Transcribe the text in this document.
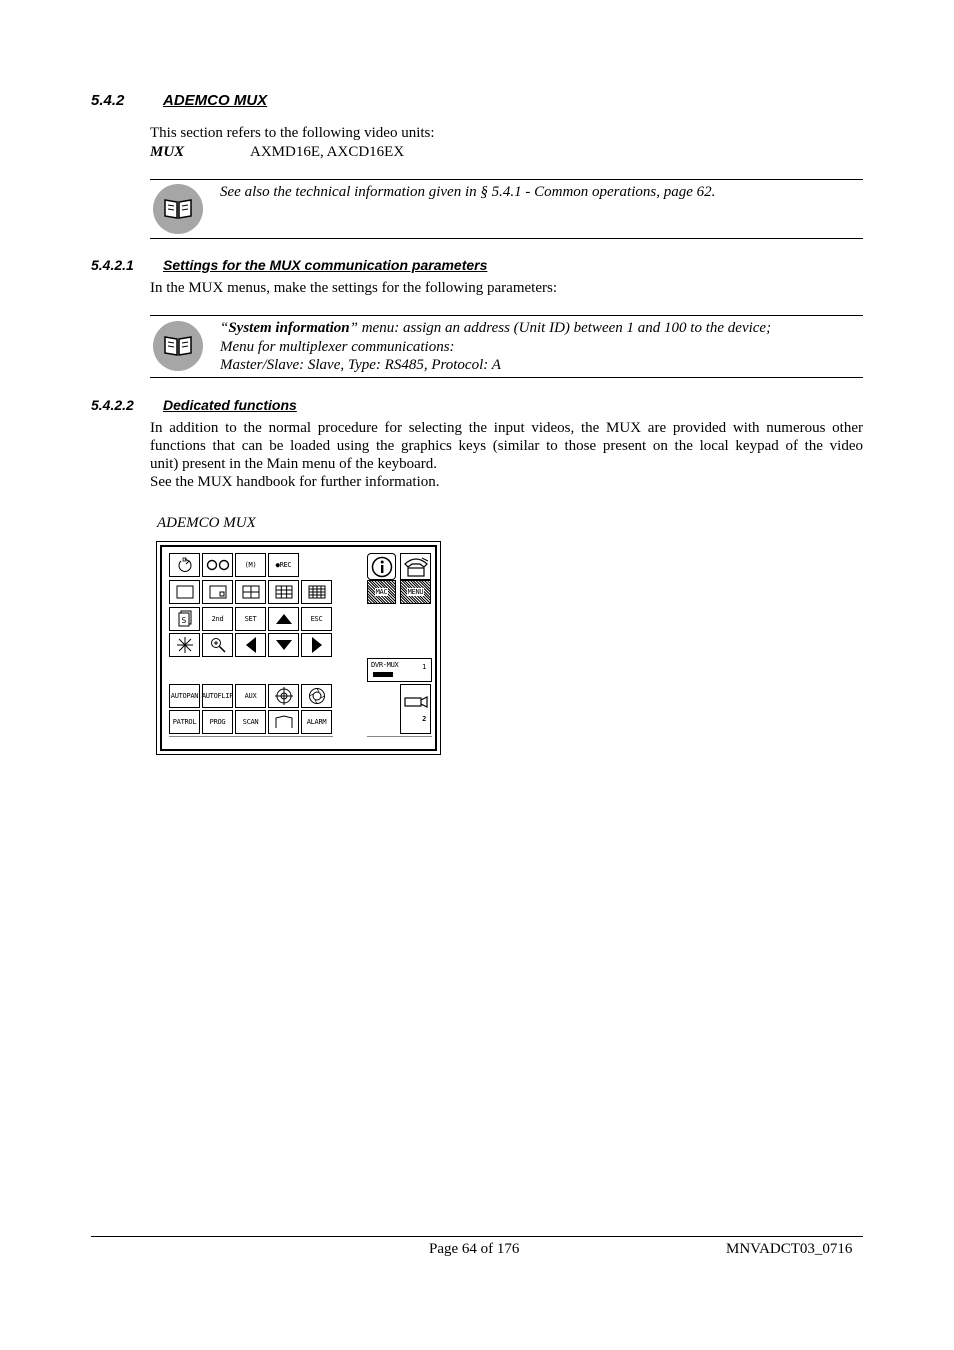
5.4.2	ADEMCO MUX
This section refers to the following video units:
MUX	AXMD16E, AXCD16EX
See also the technical information given in § 5.4.1 - Common operations, page 62.
5.4.2.1 Settings for the MUX communication parameters
In the MUX menus, make the settings for the following parameters:
“System information” menu: assign an address (Unit ID) between 1 and 100 to the device;
Menu for multiplexer communications:
Master/Slave: Slave, Type: RS485, Protocol: A
5.4.2.2 Dedicated functions
In addition to the normal procedure for selecting the input videos, the MUX are provided with numerous other
functions that can be loaded using the graphics keys (similar to those present on the local keypad of the video
unit) present in the Main menu of the keyboard.
See the MUX handbook for further information.
ADEMCO MUX
(M)	●REC
MAC	MENU
S	2nd	SET	ESC
DVR-MUX	1
AUTOPAN AUTOFLIP AUX
2
PATROL PROG SCAN	ALARM
Page 64 of 176	MNVADCT03_0716
